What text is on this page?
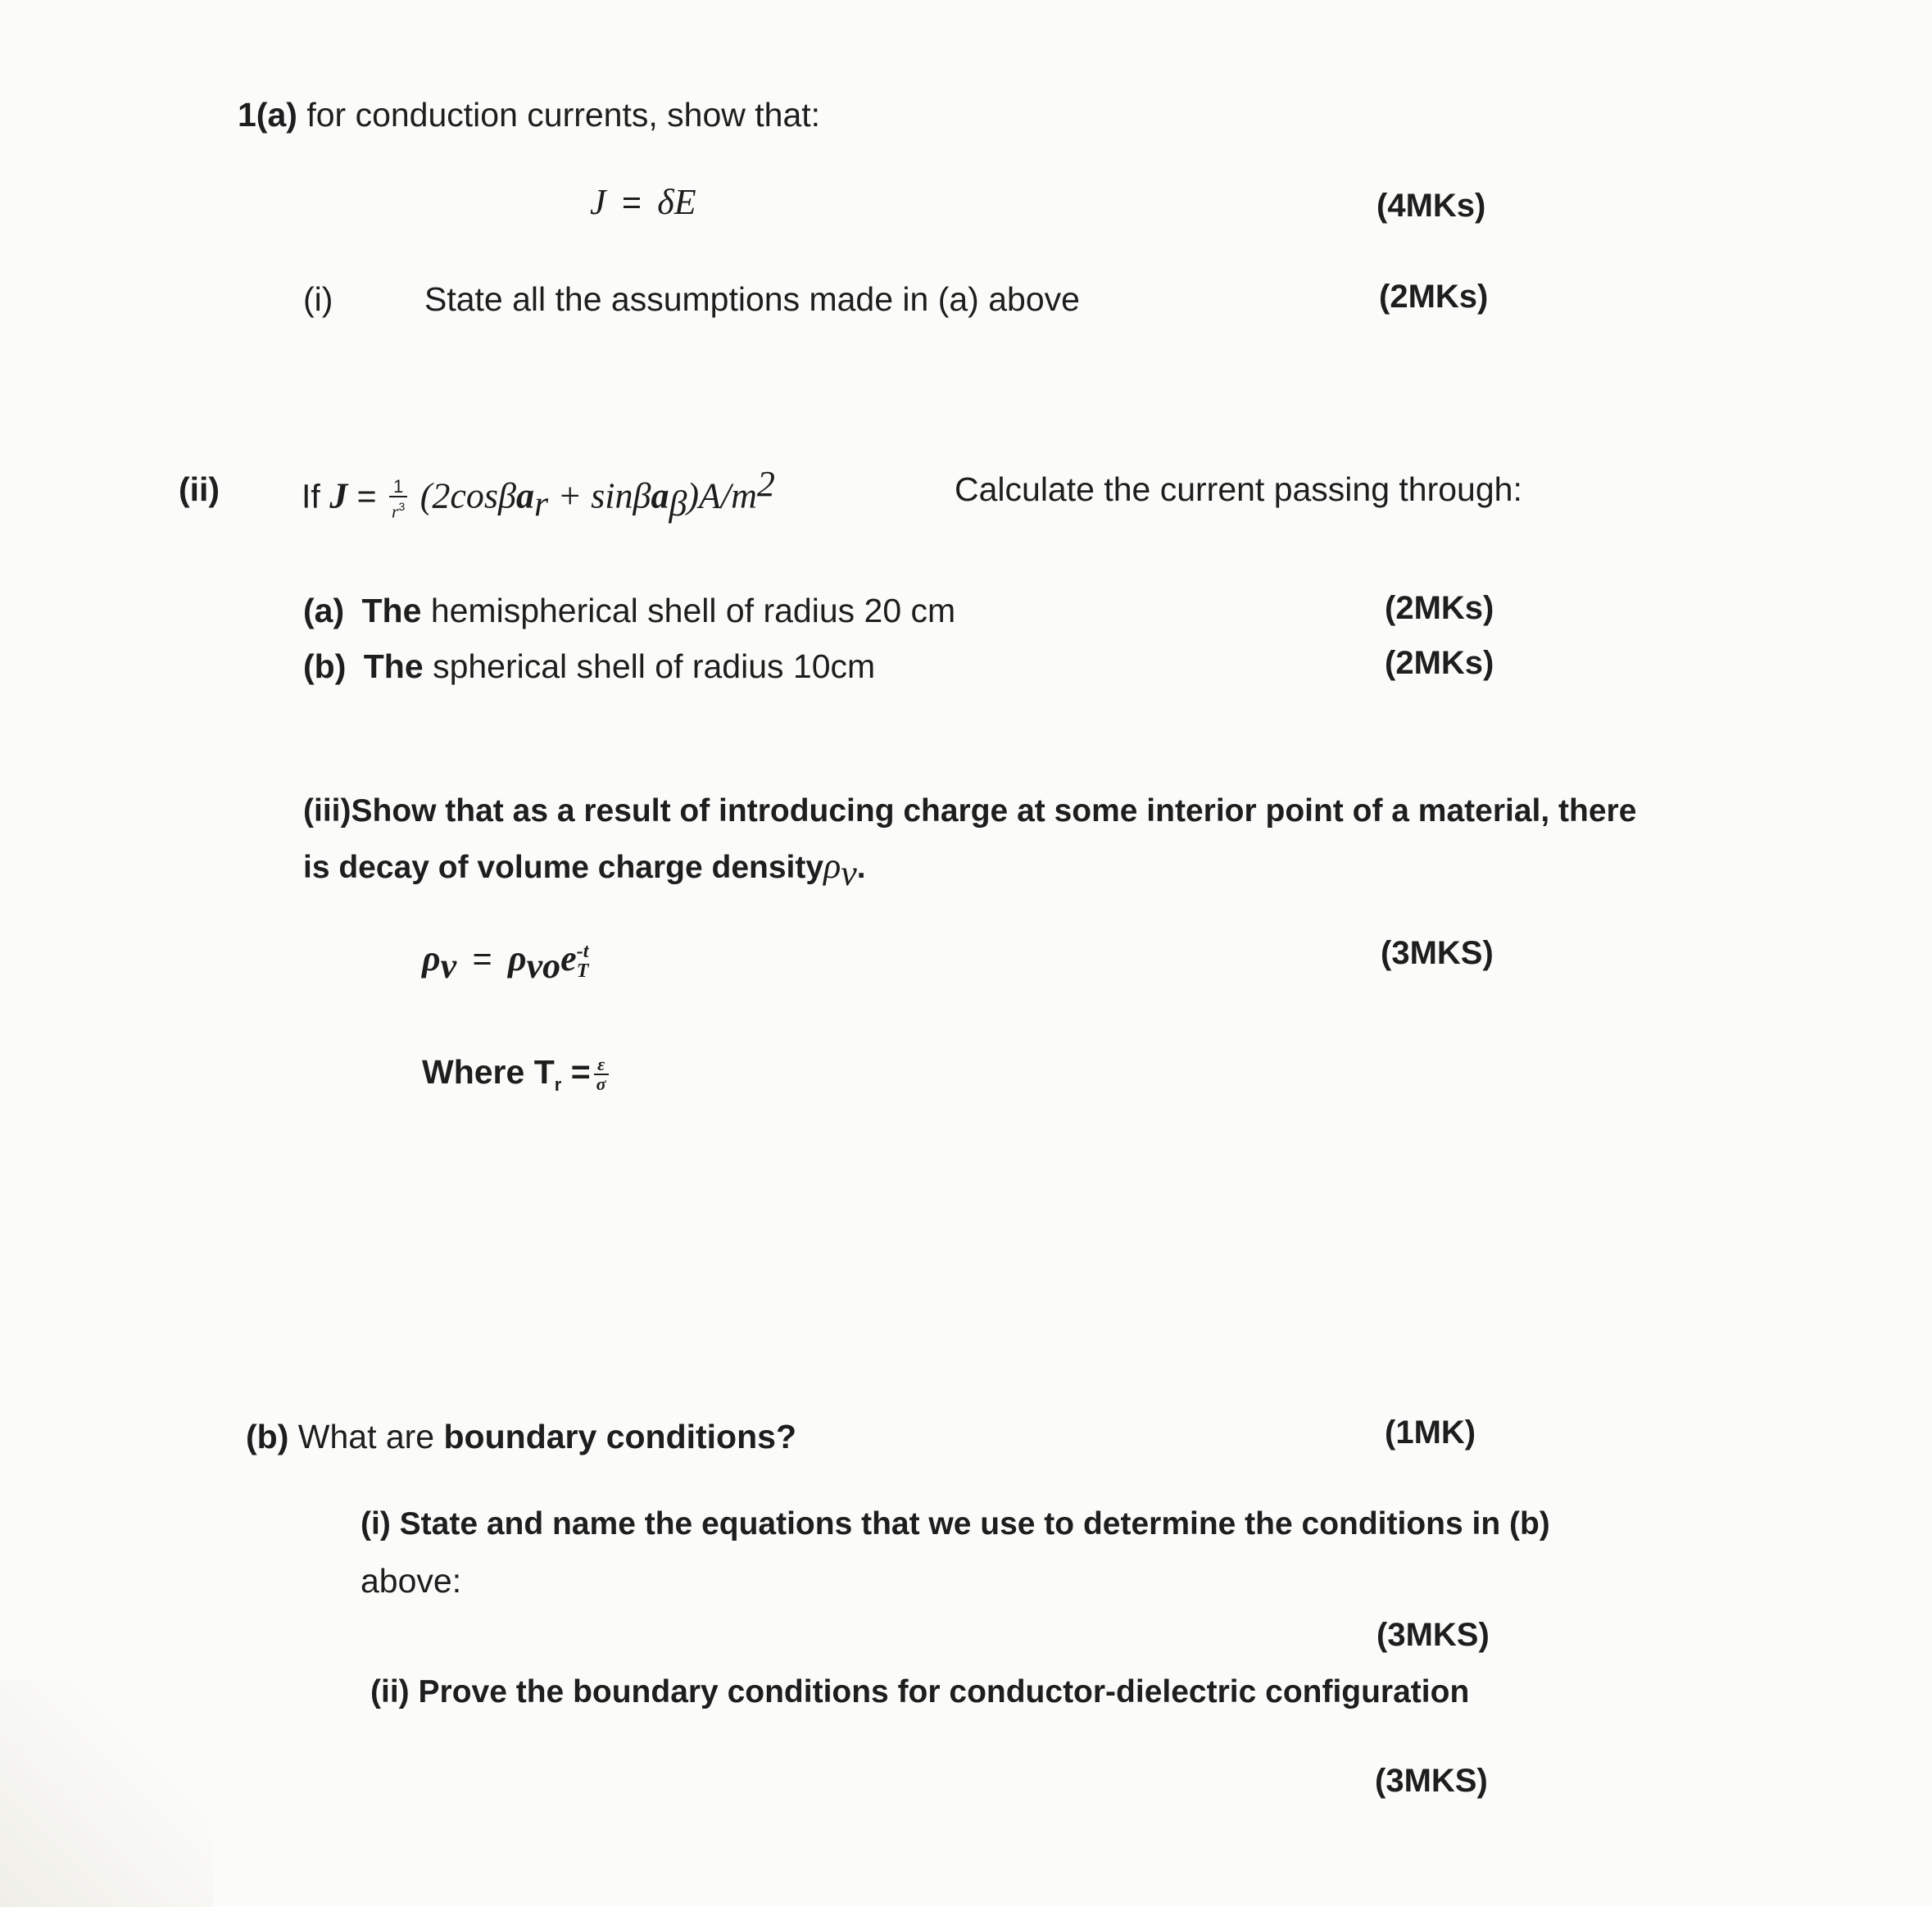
1(a) for conduction currents, show that:
J = δE	(4MKs)
(i)	State all the assumptions made in (a) above	(2MKs)
(ii) If $J = \frac{1}{r^3} (2\cos\beta a_r + \sin\beta a_\beta)A/m^2$	Calculate the current passing through:
(a) The hemispherical shell of radius 20 cm	(2MKs)
(b) The spherical shell of radius 10cm	(2MKs)
(iii)Show that as a result of introducing charge at some interior point of a material, there
is decay of volume charge densityρ$_v$.
$\rho_v = \rho_{vo}e$ -t
T
(3MKS)
Where $T_r = \frac{\varepsilon}{\sigma}$
(b) What are boundary conditions?	(1MK)
(i) State and name the equations that we use to determine the conditions in (b)
above:
(3MKS)
(ii) Prove the boundary conditions for conductor-dielectric configuration
(3MKS)
